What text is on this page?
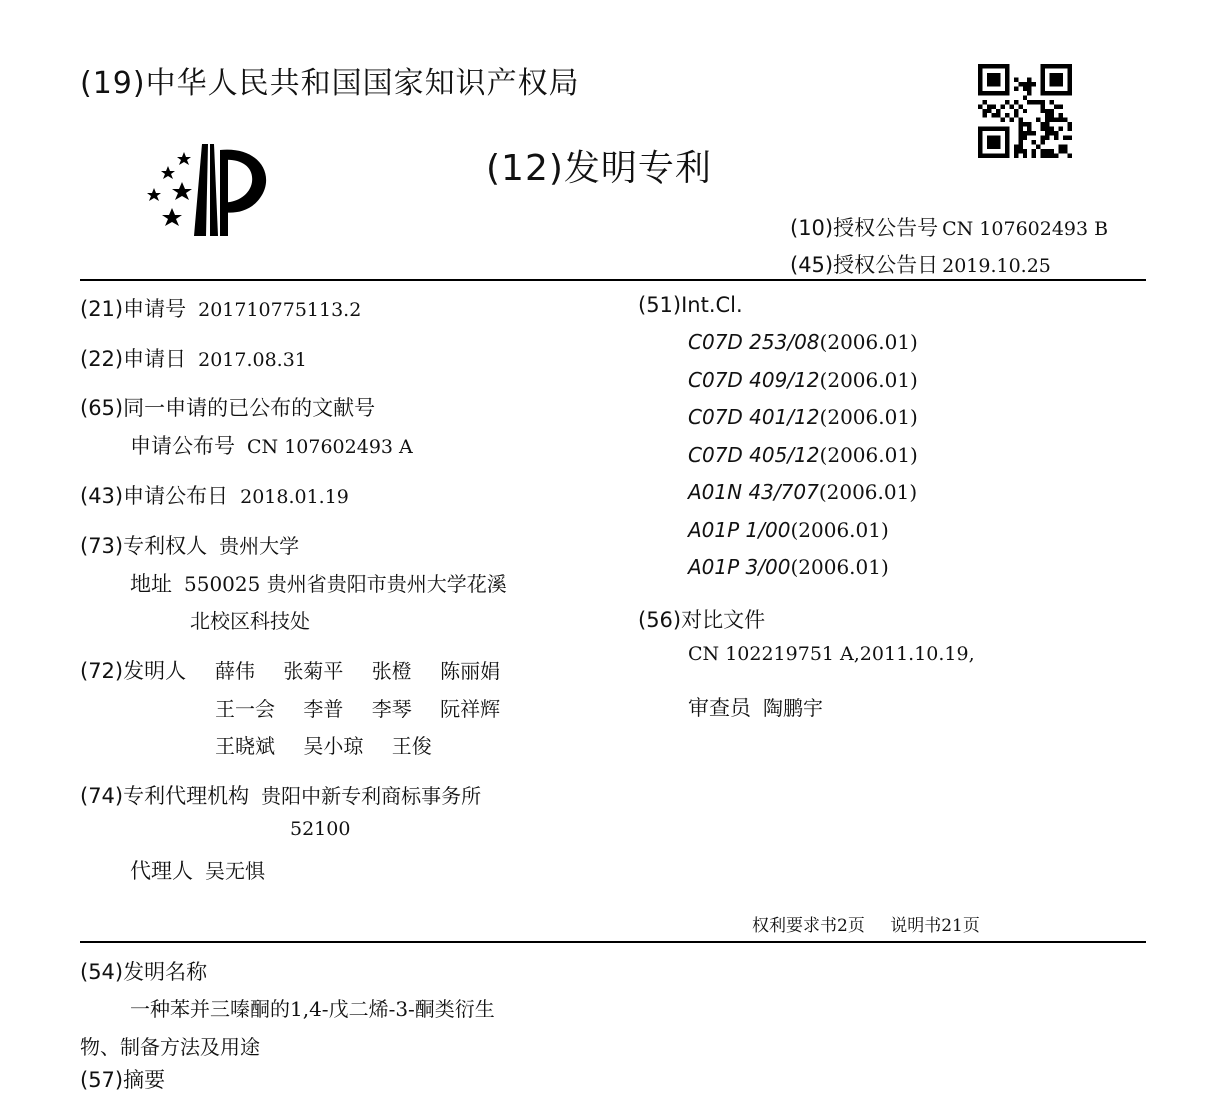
(19)中华人民共和国国家知识产权局
(12)发明专利
(10)授权公告号 CN 107602493 B
(45)授权公告日 2019.10.25
(21)申请号 201710775113.2
(22)申请日 2017.08.31
(65)同一申请的已公布的文献号
申请公布号 CN 107602493 A
(43)申请公布日 2018.01.19
(73)专利权人 贵州大学
地址 550025 贵州省贵阳市贵州大学花溪
北校区科技处
(72)发明人 薛伟 张菊平 张橙 陈丽娟
王一会 李普 李琴 阮祥辉
王晓斌 吴小琼 王俊
(74)专利代理机构 贵阳中新专利商标事务所
52100
代理人 吴无惧
(51)Int.Cl.
C07D 253/08(2006.01)
C07D 409/12(2006.01)
C07D 401/12(2006.01)
C07D 405/12(2006.01)
A01N 43/707(2006.01)
A01P 1/00(2006.01)
A01P 3/00(2006.01)
(56)对比文件
CN 102219751 A,2011.10.19,
审查员 陶鹏宇
权利要求书2页 说明书21页
(54)发明名称
一种苯并三嗪酮的1,4-戊二烯-3-酮类衍生
物、制备方法及用途
(57)摘要
